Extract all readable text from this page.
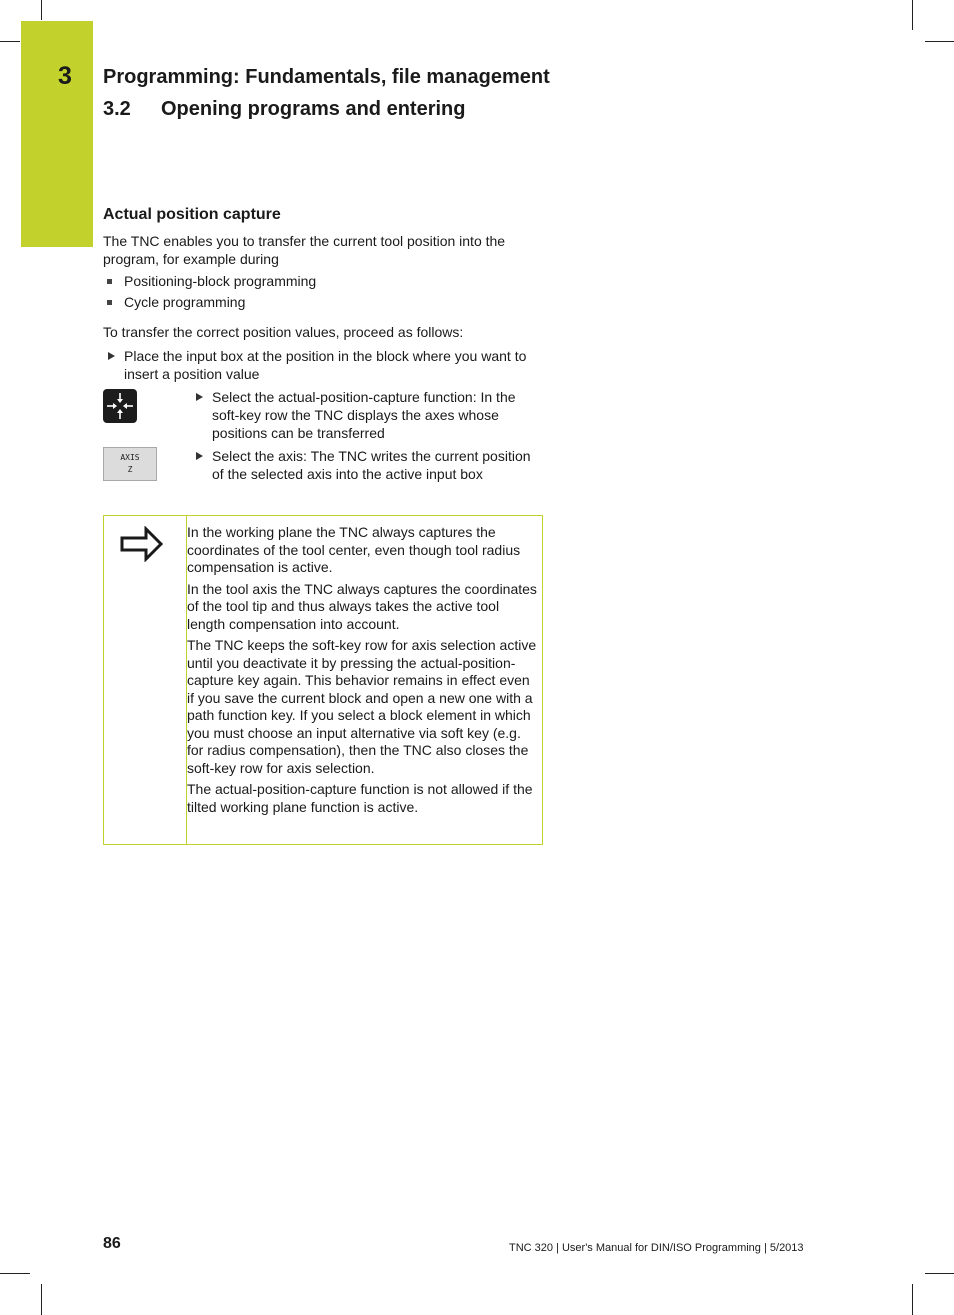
3 Programming: Fundamentals, file management
3.2 Opening programs and entering
Actual position capture
The TNC enables you to transfer the current tool position into the program, for example during
Positioning-block programming
Cycle programming
To transfer the correct position values, proceed as follows:
Place the input box at the position in the block where you want to insert a position value
Select the actual-position-capture function: In the soft-key row the TNC displays the axes whose positions can be transferred
AXIS
Z
Select the axis: The TNC writes the current position of the selected axis into the active input box

In the working plane the TNC always captures the coordinates of the tool center, even though tool radius compensation is active.

In the tool axis the TNC always captures the coordinates of the tool tip and thus always takes the active tool length compensation into account.

The TNC keeps the soft-key row for axis selection active until you deactivate it by pressing the actual-position-capture key again. This behavior remains in effect even if you save the current block and open a new one with a path function key. If you select a block element in which you must choose an input alternative via soft key (e.g. for radius compensation), then the TNC also closes the soft-key row for axis selection.

The actual-position-capture function is not allowed if the tilted working plane function is active.

86	TNC 320 | User's Manual for DIN/ISO Programming | 5/2013
